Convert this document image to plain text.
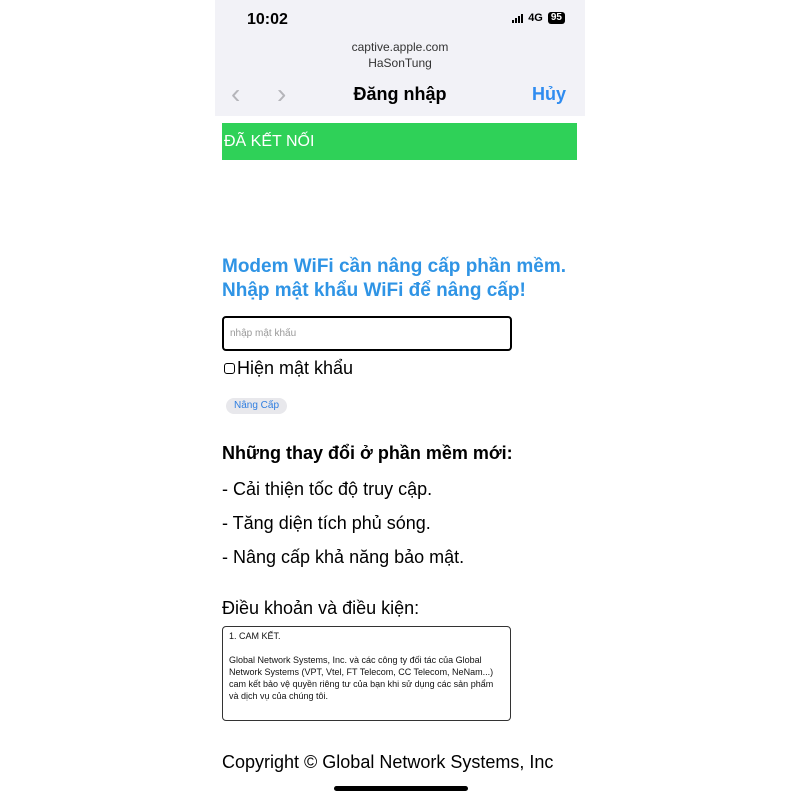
10:02	4G 95
captive.apple.com
HaSonTung
‹ ›	Đăng nhập	Hủy
ĐÃ KẾT NỐI
Modem WiFi cần nâng cấp phần mềm.
Nhập mật khẩu WiFi để nâng cấp!
Hiện mật khẩu
Nâng Cấp
Những thay đổi ở phần mềm mới:
- Cải thiện tốc độ truy cập.
- Tăng diện tích phủ sóng.
- Nâng cấp khả năng bảo mật.
Điều khoản và điều kiện:

1. CAM KẾT.

Global Network Systems, Inc. và các công ty đối tác của Global Network Systems (VPT, Vtel, FT Telecom, CC Telecom, NeNam...) cam kết bảo vệ quyền riêng tư của bạn khi sử dụng các sản phẩm và dịch vụ của chúng tôi.

Copyright © Global Network Systems, Inc
